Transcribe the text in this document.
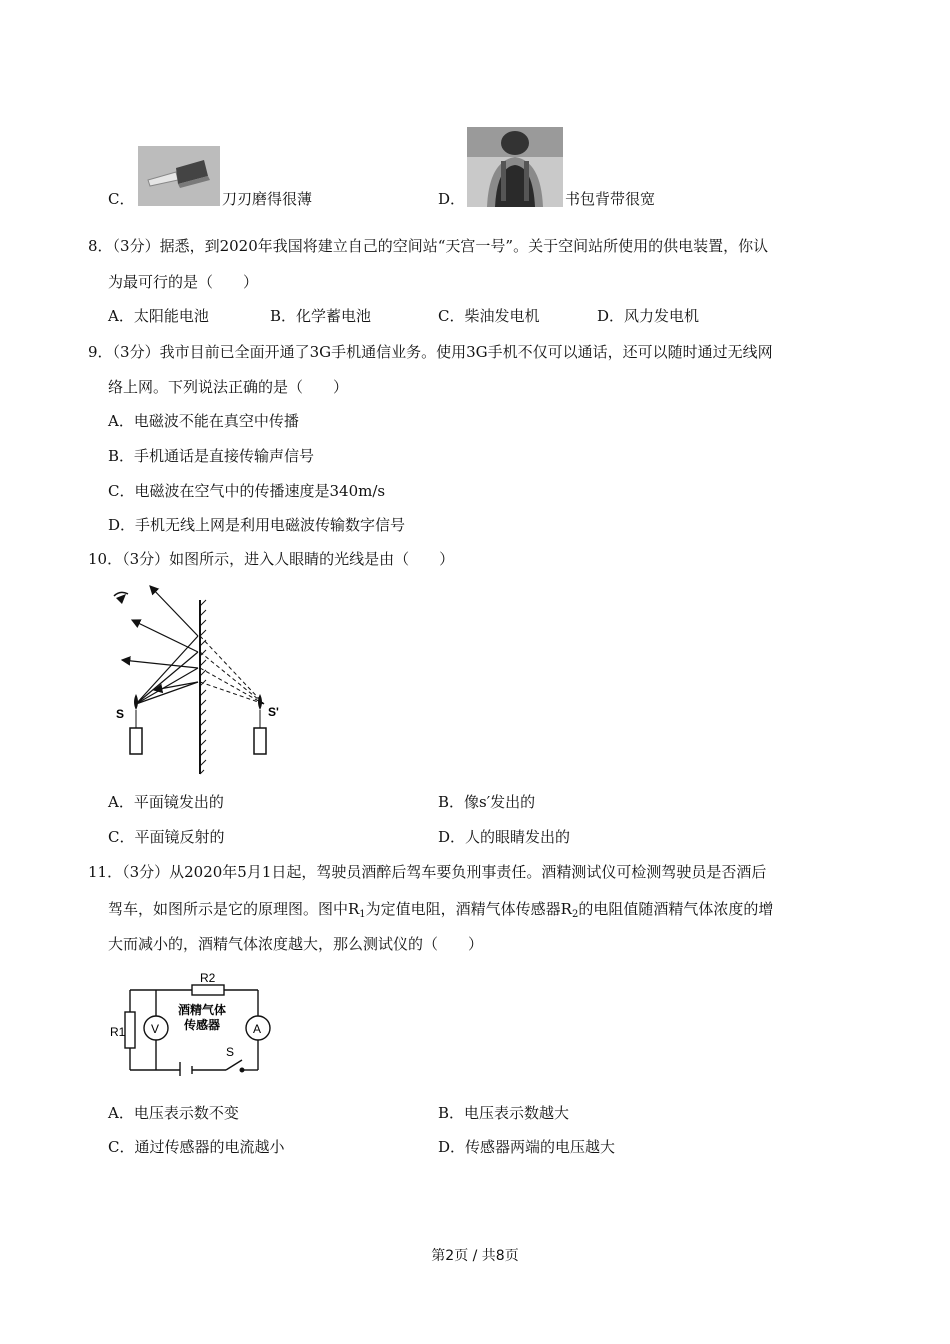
C．	刀刃磨得很薄	D．	书包背带很宽
8．（3分）据悉，到2020年我国将建立自己的空间站“天宫一号”。关于空间站所使用的供电装置，你认
为最可行的是（　　）
A．太阳能电池	B．化学蓄电池	C．柴油发电机	D．风力发电机
9．（3分）我市目前已全面开通了3G手机通信业务。使用3G手机不仅可以通话，还可以随时通过无线网
络上网。下列说法正确的是（　　）
A．电磁波不能在真空中传播
B．手机通话是直接传输声信号
C．电磁波在空气中的传播速度是340m/s
D．手机无线上网是利用电磁波传输数字信号
10．（3分）如图所示，进入人眼睛的光线是由（　　）
S	S'
A．平面镜发出的	B．像s′发出的
C．平面镜反射的	D．人的眼睛发出的
11．（3分）从2020年5月1日起，驾驶员酒醉后驾车要负刑事责任。酒精测试仪可检测驾驶员是否酒后
驾车，如图所示是它的原理图。图中$R_1$为定值电阻，酒精气体传感器$R_2$的电阻值随酒精气体浓度的增
大而减小的，酒精气体浓度越大，那么测试仪的（　　）
R2
R1
酒精气体
传感器
V	A
S
A．电压表示数不变	B．电压表示数越大
C．通过传感器的电流越小	D．传感器两端的电压越大
第2页 / 共8页
